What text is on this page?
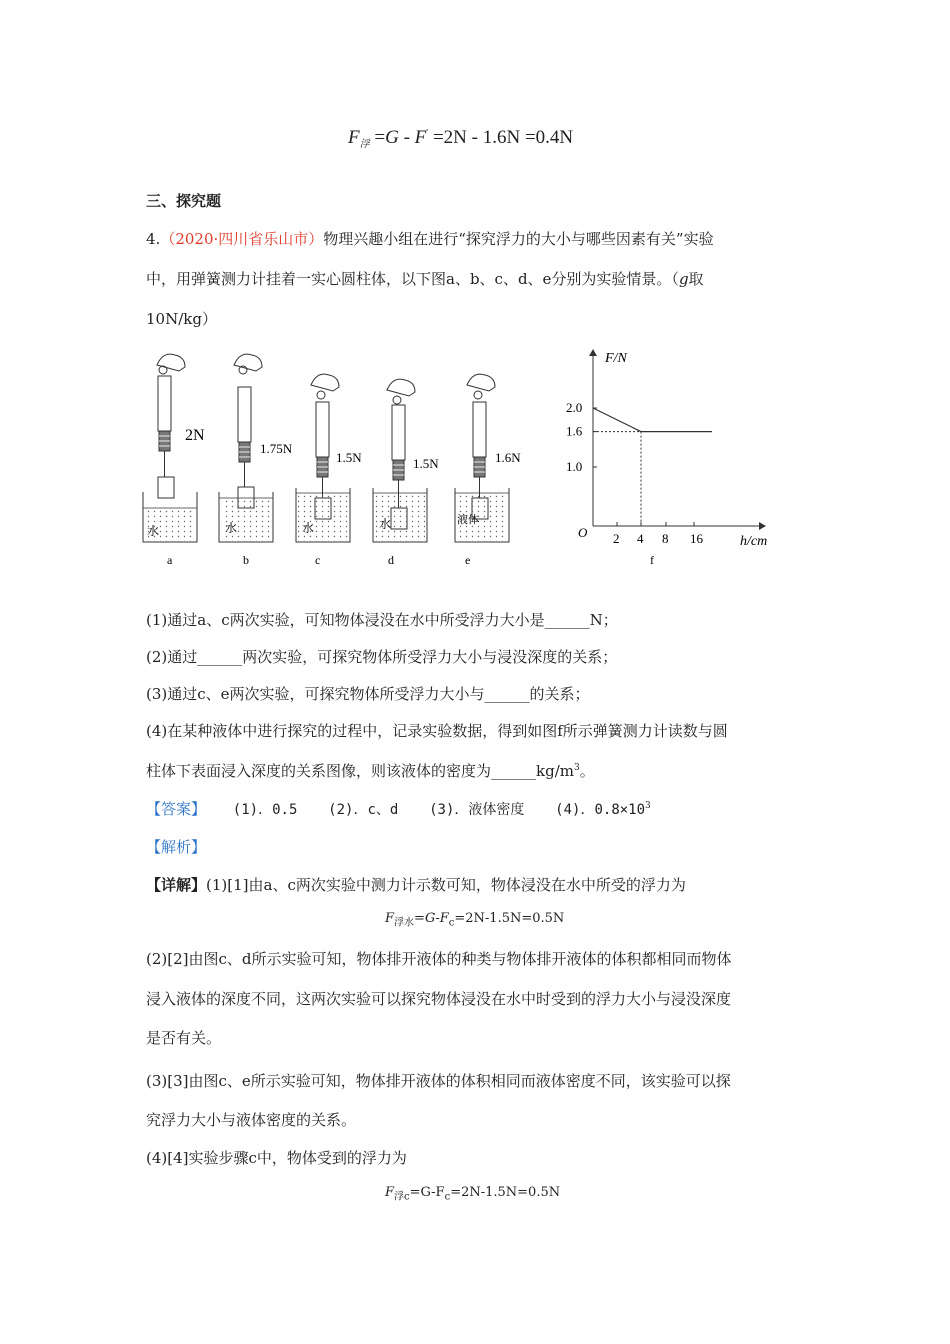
$F_浮 =G - F' =2N - 1.6N =0.4N$
三、探究题
4.（2020·四川省乐山市）物理兴趣小组在进行“探究浮力的大小与哪些因素有关”实验
中，用弹簧测力计挂着一实心圆柱体，以下图a、b、c、d、e分别为实验情景。（g取
10N/kg）
2N
水
a
1.75N
水
b
1.5N
水
c
1.5N
水
d
1.6N
液体
e
F/N
h/cm
O 2 4 8 16
1.0
1.6
2.0
f
(1)通过a、c两次实验，可知物体浸没在水中所受浮力大小是______N；
(2)通过______两次实验，可探究物体所受浮力大小与浸没深度的关系；
(3)通过c、e两次实验，可探究物体所受浮力大小与______的关系；
(4)在某种液体中进行探究的过程中，记录实验数据，得到如图f所示弹簧测力计读数与圆
柱体下表面浸入深度的关系图像，则该液体的密度为$\_\_\_\_\_\_kg/m^3$。
【答案】 (1)．0.5 (2)．c、d (3)．液体密度 (4)．$0.8\times 10^3$
【解析】
【详解】(1)[1]由a、c两次实验中测力计示数可知，物体浸没在水中所受的浮力为
$F_{浮水}=G-F_c=2N-1.5N=0.5N$
(2)[2]由图c、d所示实验可知，物体排开液体的种类与物体排开液体的体积都相同而物体
浸入液体的深度不同，这两次实验可以探究物体浸没在水中时受到的浮力大小与浸没深度
是否有关。
(3)[3]由图c、e所示实验可知，物体排开液体的体积相同而液体密度不同，该实验可以探
究浮力大小与液体密度的关系。
(4)[4]实验步骤c中，物体受到的浮力为
$F_{浮c}=G-F_c=2N-1.5N=0.5N$
